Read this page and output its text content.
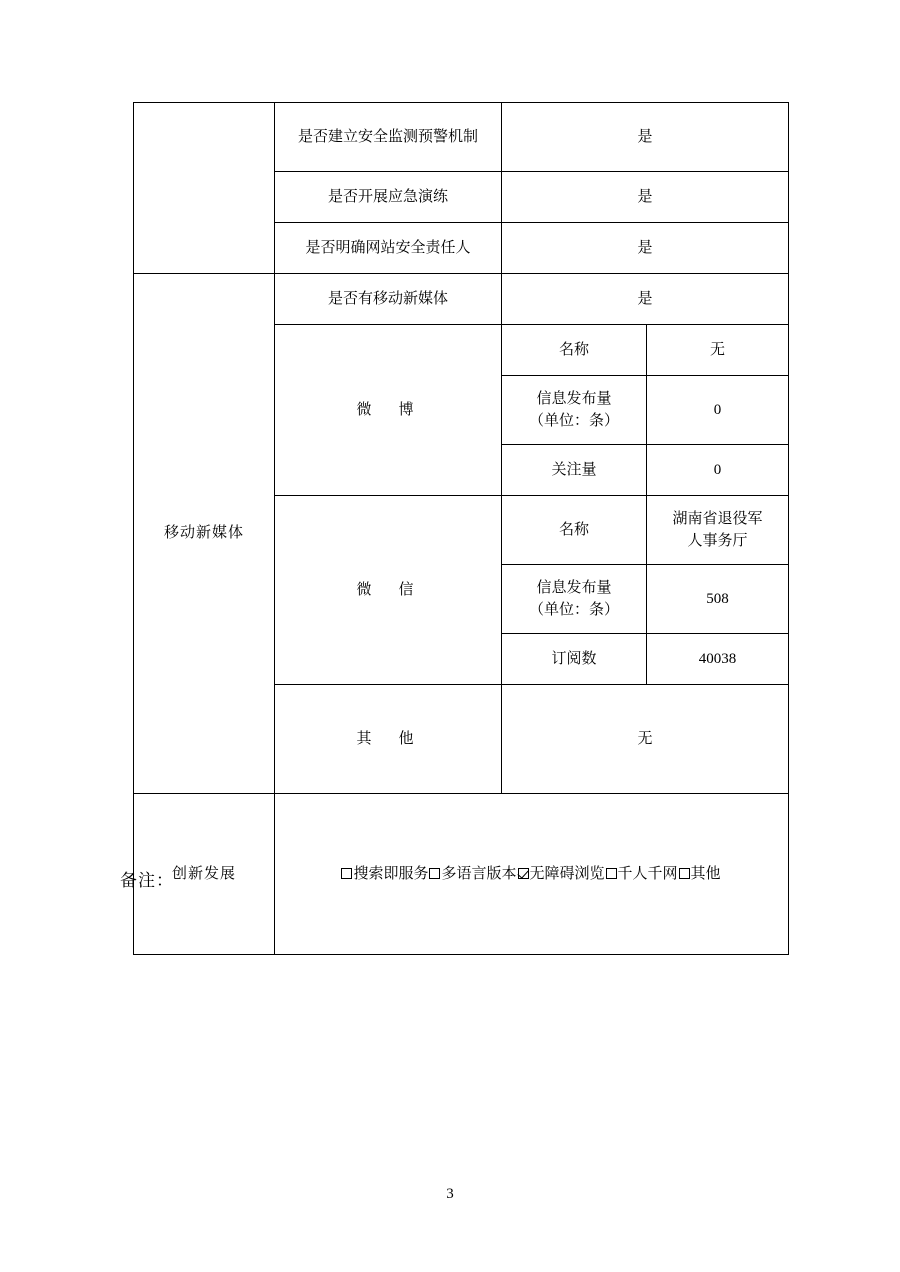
	是否建立安全监测预警机制	是	
	是否开展应急演练	是	
	是否明确网站安全责任人	是	
移动新媒体	是否有移动新媒体	是	
	微　博	名称	无

		信息发布量
（单位：条）	0
		关注量	0
	微　信	名称	湖南省退役军
人事务厅

		信息发布量
（单位：条）	508
		订阅数	40038
	其　他	无	
创新发展	搜索即服务 多语言版本 无障碍浏览 千人千网 其他		
备注：
3
